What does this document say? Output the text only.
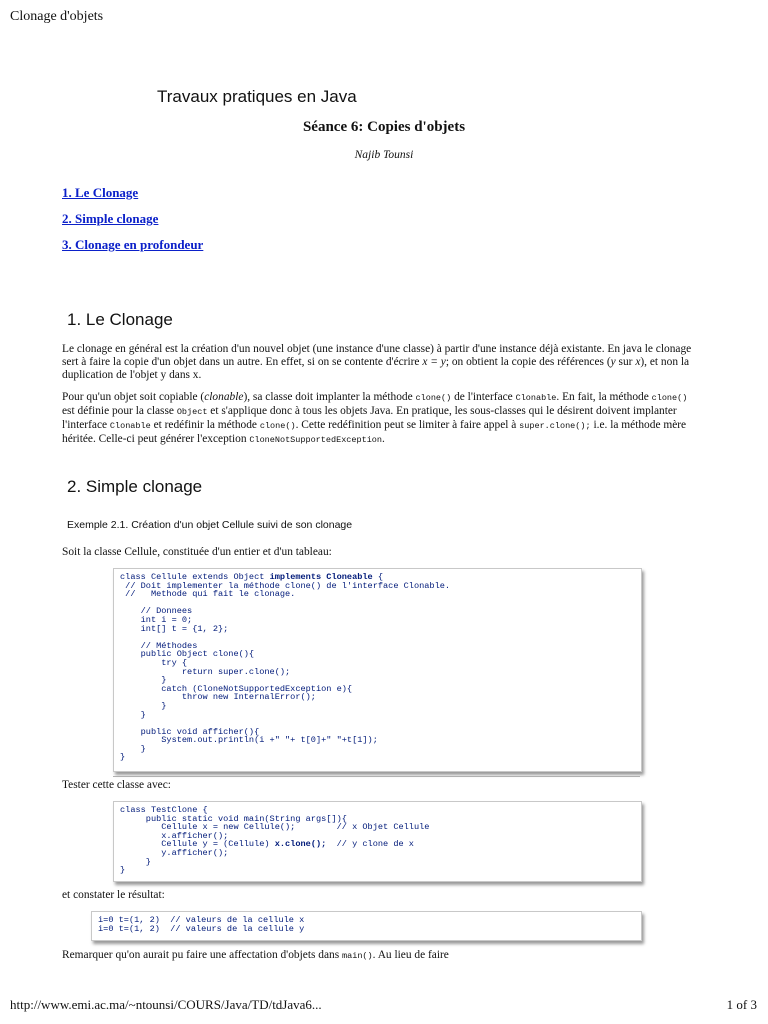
Clonage d'objets
Travaux pratiques en Java
Séance 6: Copies d'objets
Najib Tounsi
1. Le Clonage
2. Simple clonage
3. Clonage en profondeur
1. Le Clonage

Le clonage en général est la création d'un nouvel objet (une instance d'une classe) à partir d'une instance déjà existante. En java le clonage sert à faire la copie d'un objet dans un autre. En effet, si on se contente d'écrire x = y; on obtient la copie des références (y sur x), et non la duplication de l'objet y dans x.

Pour qu'un objet soit copiable (clonable), sa classe doit implanter la méthode clone() de l'interface Clonable. En fait, la méthode clone() est définie pour la classe Object et s'applique donc à tous les objets Java. En pratique, les sous-classes qui le désirent doivent implanter l'interface Clonable et redéfinir la méthode clone(). Cette redéfinition peut se limiter à faire appel à super.clone(); i.e. la méthode mère héritée. Celle-ci peut générer l'exception CloneNotSupportedException.

2. Simple clonage
Exemple 2.1. Création d'un objet Cellule suivi de son clonage
Soit la classe Cellule, constituée d'un entier et d'un tableau:
class Cellule extends Object implements Cloneable {
// Doit implementer la méthode clone() de l'interface Clonable.
//   Methode qui fait le clonage.

// Donnees
int i = 0;
int[] t = {1, 2};

// Méthodes
public Object clone(){
try {
return super.clone();
}
catch (CloneNotSupportedException e){
throw new InternalError();
}
}

public void afficher(){
System.out.println(i +" "+ t[0]+" "+t[1]);
}
}
Tester cette classe avec:
class TestClone {
public static void main(String args[]){
Cellule x = new Cellule();        // x Objet Cellule
x.afficher();
Cellule y = (Cellule) x.clone();  // y clone de x
y.afficher();
}
}
et constater le résultat:
i=0 t=(1, 2)  // valeurs de la cellule x
i=0 t=(1, 2)  // valeurs de la cellule y
Remarquer qu'on aurait pu faire une affectation d'objets dans main(). Au lieu de faire
http://www.emi.ac.ma/~ntounsi/COURS/Java/TD/tdJava6...	1 of 3
